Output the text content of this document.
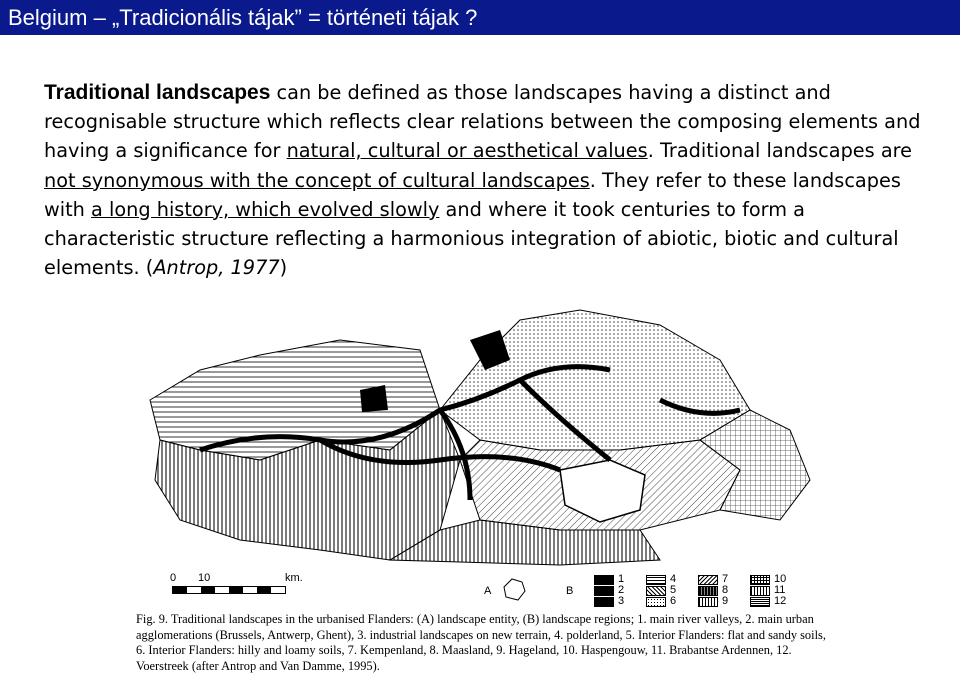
Belgium – „Tradicionális tájak” = történeti tájak ?
Traditional landscapes can be defined as those landscapes having a distinct and recognisable structure which reflects clear relations between the composing elements and having a significance for natural, cultural or aesthetical values. Traditional landscapes are not synonymous with the concept of cultural landscapes. They refer to these landscapes with a long history, which evolved slowly and where it took centuries to form a characteristic structure reflecting a harmonious integration of abiotic, biotic and cultural elements. (Antrop, 1977)
0 10	km.
A	B
1
2
3
4
5
6
7
8
9
10
11
12
Fig. 9. Traditional landscapes in the urbanised Flanders: (A) landscape entity, (B) landscape regions; 1. main river valleys, 2. main urban agglomerations (Brussels, Antwerp, Ghent), 3. industrial landscapes on new terrain, 4. polderland, 5. Interior Flanders: flat and sandy soils, 6. Interior Flanders: hilly and loamy soils, 7. Kempenland, 8. Maasland, 9. Hageland, 10. Haspengouw, 11. Brabantse Ardennen, 12. Voerstreek (after Antrop and Van Damme, 1995).
